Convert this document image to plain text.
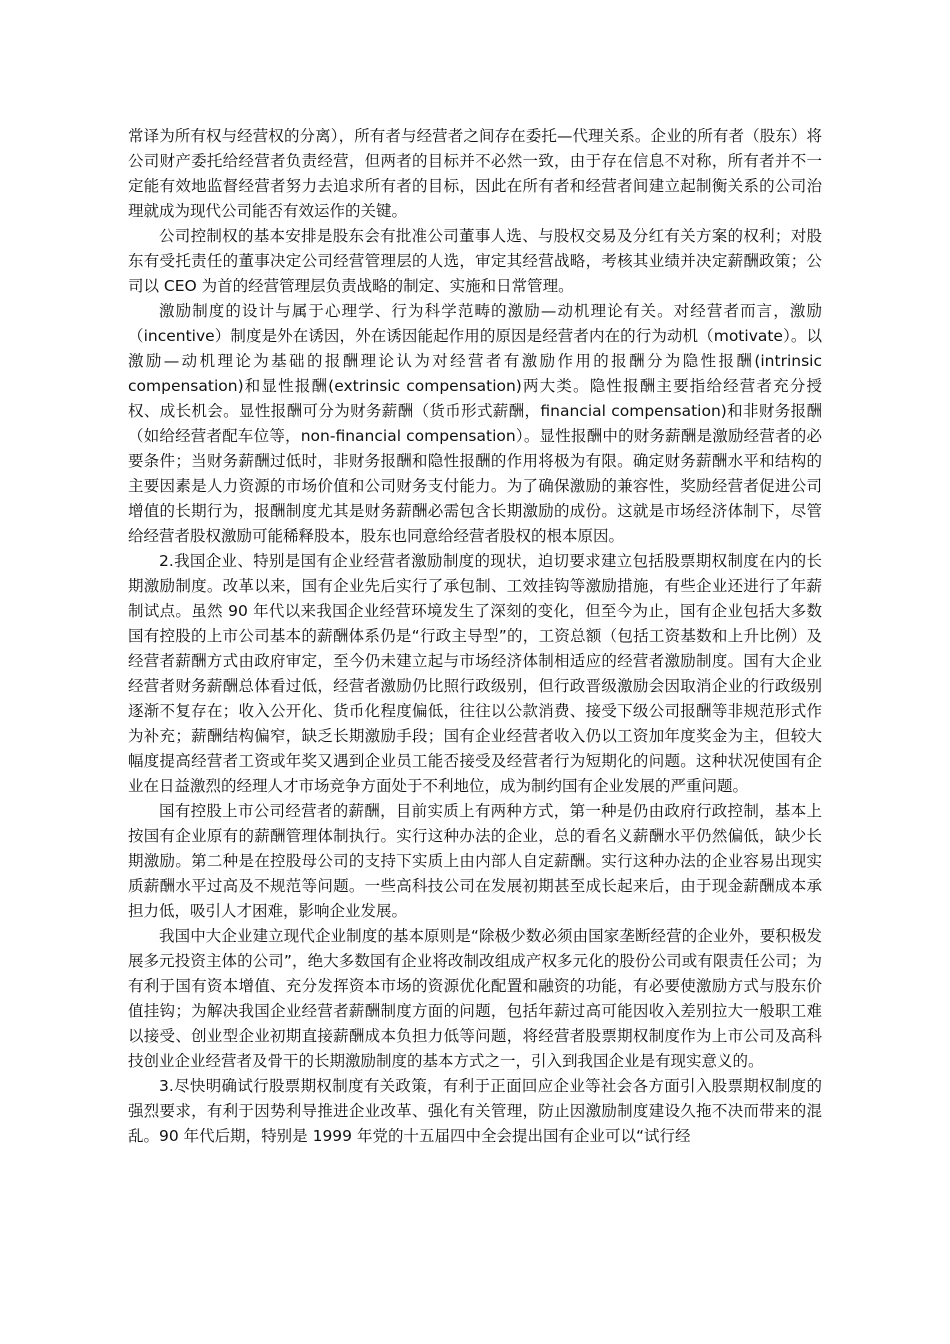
常译为所有权与经营权的分离），所有者与经营者之间存在委托—代理关系。企业的所有者（股东）将公司财产委托给经营者负责经营，但两者的目标并不必然一致，由于存在信息不对称，所有者并不一定能有效地监督经营者努力去追求所有者的目标，因此在所有者和经营者间建立起制衡关系的公司治理就成为现代公司能否有效运作的关键。

公司控制权的基本安排是股东会有批准公司董事人选、与股权交易及分红有关方案的权利；对股东有受托责任的董事决定公司经营管理层的人选，审定其经营战略，考核其业绩并决定薪酬政策；公司以 CEO 为首的经营管理层负责战略的制定、实施和日常管理。

激励制度的设计与属于心理学、行为科学范畴的激励—动机理论有关。对经营者而言，激励（incentive）制度是外在诱因，外在诱因能起作用的原因是经营者内在的行为动机（motivate）。以激励—动机理论为基础的报酬理论认为对经营者有激励作用的报酬分为隐性报酬(intrinsic compensation)和显性报酬(extrinsic compensation)两大类。隐性报酬主要指给经营者充分授权、成长机会。显性报酬可分为财务薪酬（货币形式薪酬，financial compensation)和非财务报酬（如给经营者配车位等，non-financial compensation）。显性报酬中的财务薪酬是激励经营者的必要条件；当财务薪酬过低时，非财务报酬和隐性报酬的作用将极为有限。确定财务薪酬水平和结构的主要因素是人力资源的市场价值和公司财务支付能力。为了确保激励的兼容性，奖励经营者促进公司增值的长期行为，报酬制度尤其是财务薪酬必需包含长期激励的成份。这就是市场经济体制下，尽管给经营者股权激励可能稀释股本，股东也同意给经营者股权的根本原因。

2.我国企业、特别是国有企业经营者激励制度的现状，迫切要求建立包括股票期权制度在内的长期激励制度。改革以来，国有企业先后实行了承包制、工效挂钩等激励措施，有些企业还进行了年薪制试点。虽然 90 年代以来我国企业经营环境发生了深刻的变化，但至今为止，国有企业包括大多数国有控股的上市公司基本的薪酬体系仍是“行政主导型”的，工资总额（包括工资基数和上升比例）及经营者薪酬方式由政府审定，至今仍未建立起与市场经济体制相适应的经营者激励制度。国有大企业经营者财务薪酬总体看过低，经营者激励仍比照行政级别，但行政晋级激励会因取消企业的行政级别逐渐不复存在；收入公开化、货币化程度偏低，往往以公款消费、接受下级公司报酬等非规范形式作为补充；薪酬结构偏窄，缺乏长期激励手段；国有企业经营者收入仍以工资加年度奖金为主，但较大幅度提高经营者工资或年奖又遇到企业员工能否接受及经营者行为短期化的问题。这种状况使国有企业在日益激烈的经理人才市场竞争方面处于不利地位，成为制约国有企业发展的严重问题。

国有控股上市公司经营者的薪酬，目前实质上有两种方式，第一种是仍由政府行政控制，基本上按国有企业原有的薪酬管理体制执行。实行这种办法的企业，总的看名义薪酬水平仍然偏低，缺少长期激励。第二种是在控股母公司的支持下实质上由内部人自定薪酬。实行这种办法的企业容易出现实质薪酬水平过高及不规范等问题。一些高科技公司在发展初期甚至成长起来后，由于现金薪酬成本承担力低，吸引人才困难，影响企业发展。

我国中大企业建立现代企业制度的基本原则是“除极少数必须由国家垄断经营的企业外，要积极发展多元投资主体的公司”，绝大多数国有企业将改制改组成产权多元化的股份公司或有限责任公司；为有利于国有资本增值、充分发挥资本市场的资源优化配置和融资的功能，有必要使激励方式与股东价值挂钩；为解决我国企业经营者薪酬制度方面的问题，包括年薪过高可能因收入差别拉大一般职工难以接受、创业型企业初期直接薪酬成本负担力低等问题，将经营者股票期权制度作为上市公司及高科技创业企业经营者及骨干的长期激励制度的基本方式之一，引入到我国企业是有现实意义的。

3.尽快明确试行股票期权制度有关政策，有利于正面回应企业等社会各方面引入股票期权制度的强烈要求，有利于因势利导推进企业改革、强化有关管理，防止因激励制度建设久拖不决而带来的混乱。90 年代后期，特别是 1999 年党的十五届四中全会提出国有企业可以“试行经
